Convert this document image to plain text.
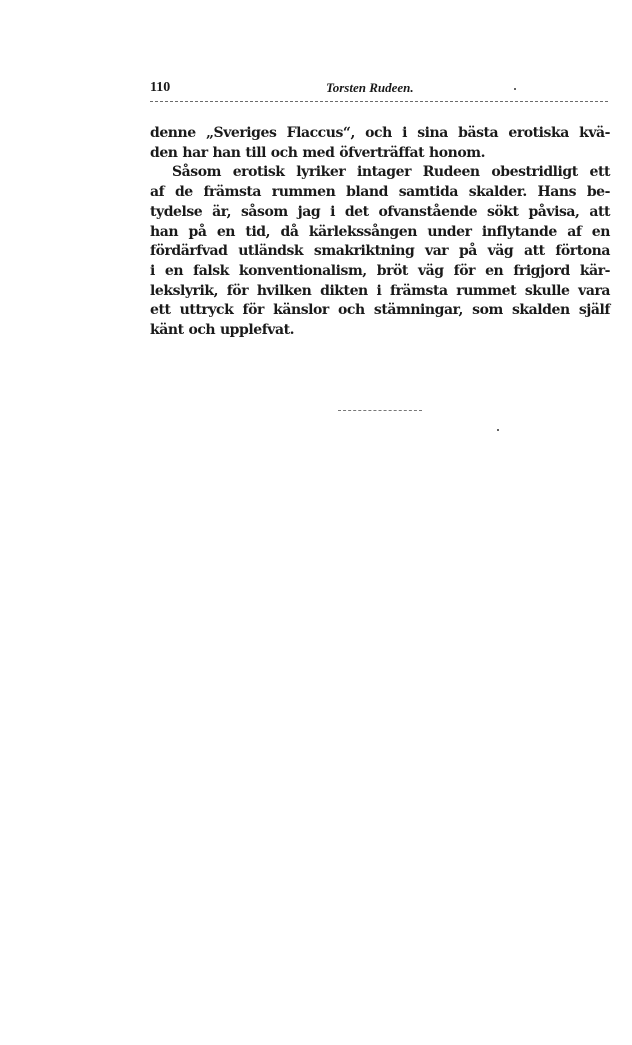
110	Torsten Rudeen.
denne „Sveriges Flaccus“, och i sina bästa erotiska kvä-
den har han till och med öfverträffat honom.
Såsom erotisk lyriker intager Rudeen obestridligt ett
af de främsta rummen bland samtida skalder. Hans be-
tydelse är, såsom jag i det ofvanstående sökt påvisa, att
han på en tid, då kärlekssången under inflytande af en
fördärfvad utländsk smakriktning var på väg att förtona
i en falsk konventionalism, bröt väg för en frigjord kär-
lekslyrik, för hvilken dikten i främsta rummet skulle vara
ett uttryck för känslor och stämningar, som skalden själf
känt och upplefvat.
